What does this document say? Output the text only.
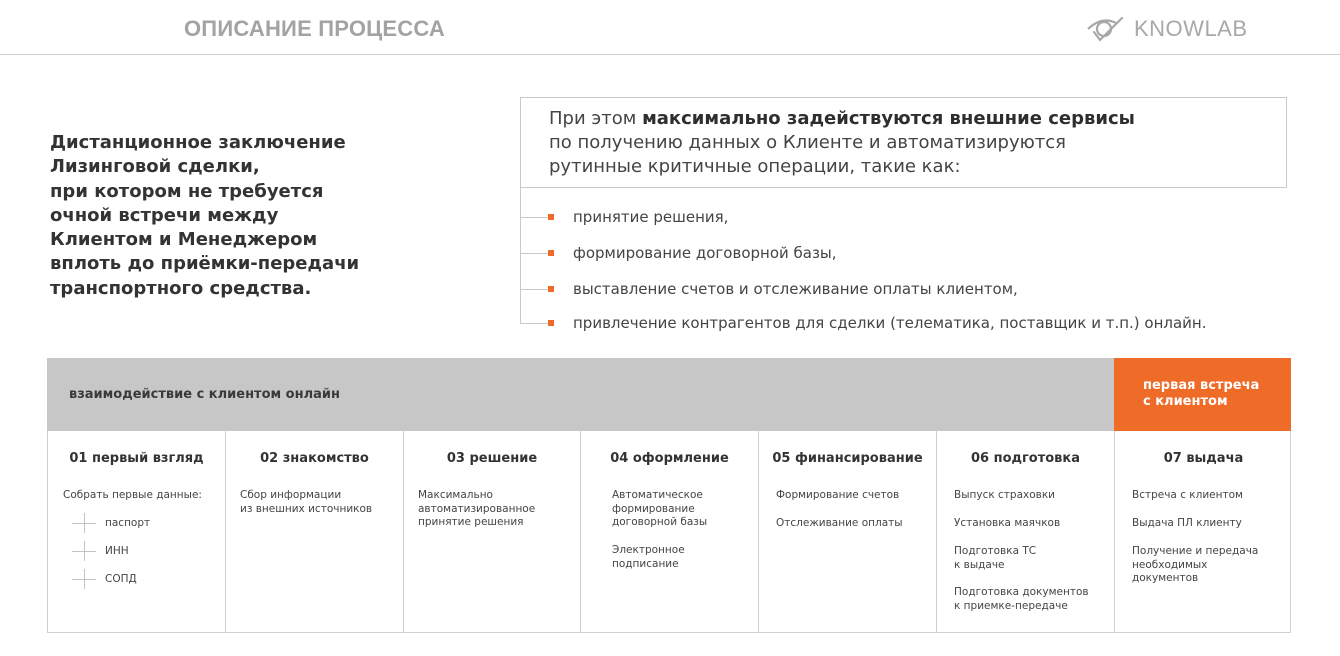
ОПИСАНИЕ ПРОЦЕССА	KNOWLAB
Дистанционное заключение
Лизинговой сделки,
при котором не требуется
очной встречи между
Клиентом и Менеджером
вплоть до приёмки-передачи
транспортного средства.
При этом максимально задействуются внешние сервисы
по получению данных о Клиенте и автоматизируются
рутинные критичные операции, такие как:
принятие решения,
формирование договорной базы,
выставление счетов и отслеживание оплаты клиентом,
привлечение контрагентов для сделки (телематика, поставщик и т.п.) онлайн.
взаимодействие с клиентом онлайн
первая встреча
с клиентом
01 первый взгляд
Собрать первые данные:
паспорт
ИНН
СОПД
02 знакомство
Сбор информации
из внешних источников
03 решение
Максимально
автоматизированное
принятие решения
04 оформление
Автоматическое
формирование
договорной базы
Электронное
подписание
05 финансирование
Формирование счетов
Отслеживание оплаты
06 подготовка
Выпуск страховки
Установка маячков
Подготовка ТС
к выдаче
Подготовка документов
к приемке-передаче
07 выдача
Встреча с клиентом
Выдача ПЛ клиенту
Получение и передача
необходимых
документов
